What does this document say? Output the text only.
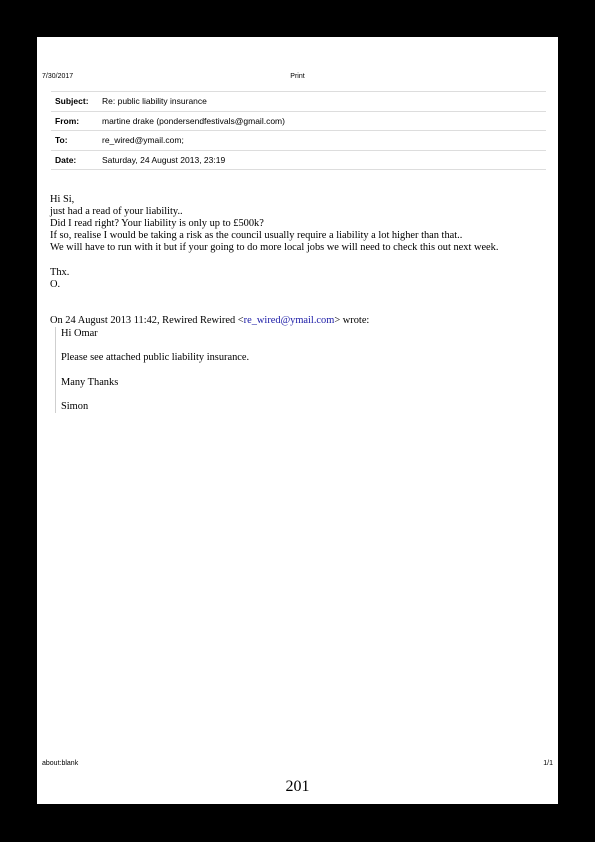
7/30/2017	Print
Subject:	Re: public liability insurance
From:	martine drake (pondersendfestivals@gmail.com)
To:	re_wired@ymail.com;
Date:	Saturday, 24 August 2013, 23:19

Hi Si,

just had a read of your liability..

Did I read right? Your liability is only up to £500k?

If so, realise I would be taking a risk as the council usually require a liability a lot higher than that..

We will have to run with it but if your going to do more local jobs we will need to check this out next week.

Thx.

O.

On 24 August 2013 11:42, Rewired Rewired <re_wired@ymail.com> wrote:

Hi Omar

Please see attached public liability insurance.

Many Thanks

Simon

about:blank	1/1
201
